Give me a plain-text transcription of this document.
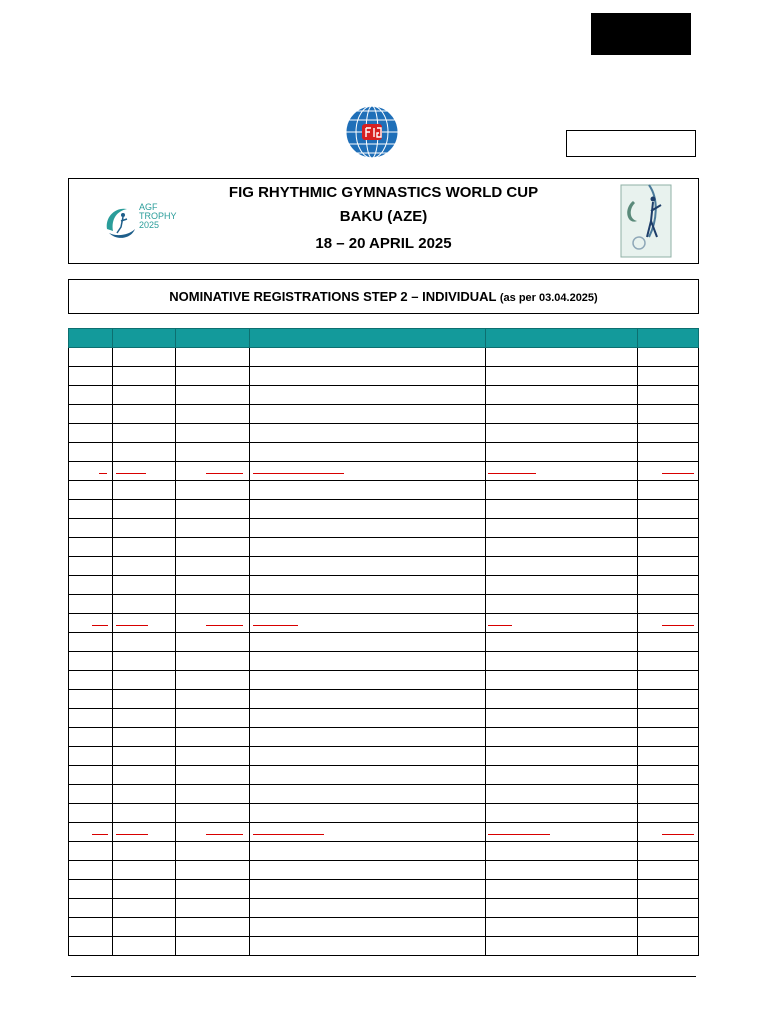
AGF
TROPHY
2025
FIG RHYTHMIC GYMNASTICS WORLD CUP
BAKU (AZE)
18 – 20 APRIL 2025
NOMINATIVE REGISTRATIONS STEP 2 – INDIVIDUAL (as per 03.04.2025)
